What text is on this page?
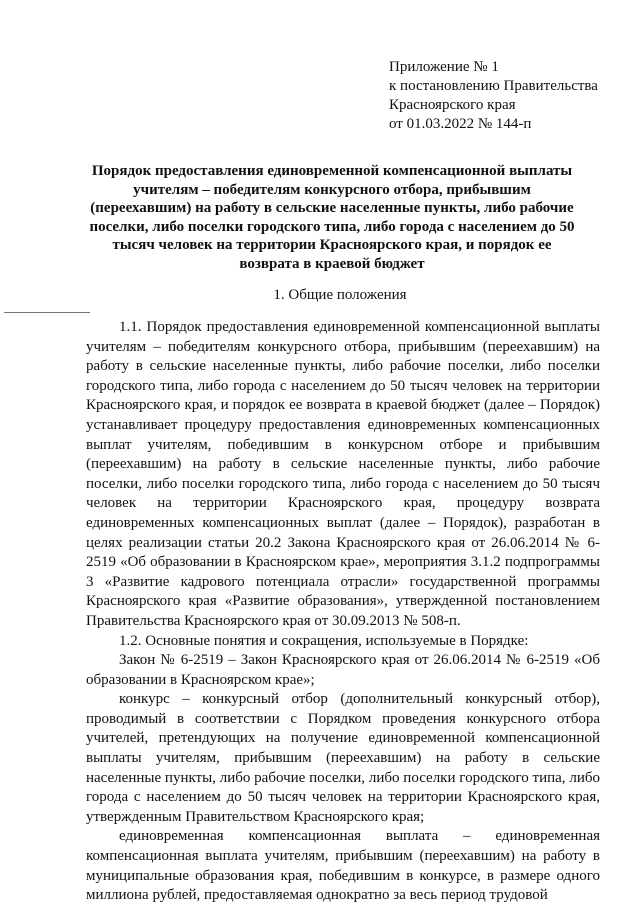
Приложение № 1
к постановлению Правительства
Красноярского края
от 01.03.2022 № 144-п
Порядок предоставления единовременной компенсационной выплаты учителям – победителям конкурсного отбора, прибывшим (переехавшим) на работу в сельские населенные пункты, либо рабочие поселки, либо поселки городского типа, либо города с населением до 50 тысяч человек на территории Красноярского края, и порядок ее возврата в краевой бюджет
1. Общие положения

1.1. Порядок предоставления единовременной компенсационной выплаты учителям – победителям конкурсного отбора, прибывшим (переехавшим) на работу в сельские населенные пункты, либо рабочие поселки, либо поселки городского типа, либо города с населением до 50 тысяч человек на территории Красноярского края, и порядок ее возврата в краевой бюджет (далее – Порядок) устанавливает процедуру предоставления единовременных компенсационных выплат учителям, победившим в конкурсном отборе и прибывшим (переехавшим) на работу в сельские населенные пункты, либо рабочие поселки, либо поселки городского типа, либо города с населением до 50 тысяч человек на территории Красноярского края, процедуру возврата единовременных компенсационных выплат (далее – Порядок), разработан в целях реализации статьи 20.2 Закона Красноярского края от 26.06.2014 № 6-2519 «Об образовании в Красноярском крае», мероприятия 3.1.2 подпрограммы 3 «Развитие кадрового потенциала отрасли» государственной программы Красноярского края «Развитие образования», утвержденной постановлением Правительства Красноярского края от 30.09.2013 № 508-п.

1.2. Основные понятия и сокращения, используемые в Порядке:

Закон № 6-2519 – Закон Красноярского края от 26.06.2014 № 6-2519 «Об образовании в Красноярском крае»;

конкурс – конкурсный отбор (дополнительный конкурсный отбор), проводимый в соответствии с Порядком проведения конкурсного отбора учителей, претендующих на получение единовременной компенсационной выплаты учителям, прибывшим (переехавшим) на работу в сельские населенные пункты, либо рабочие поселки, либо поселки городского типа, либо города с населением до 50 тысяч человек на территории Красноярского края, утвержденным Правительством Красноярского края;

единовременная компенсационная выплата – единовременная компенсационная выплата учителям, прибывшим (переехавшим) на работу в муниципальные образования края, победившим в конкурсе, в размере одного миллиона рублей, предоставляемая однократно за весь период трудовой
